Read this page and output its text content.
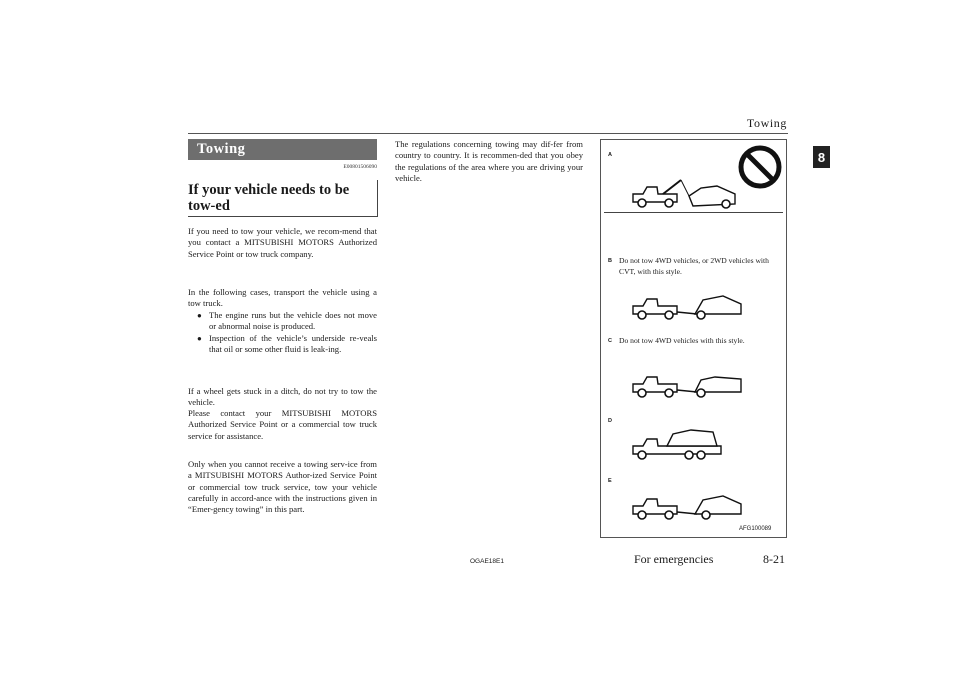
Towing
8
Towing
E00801506090
If your vehicle needs to be tow-ed
If you need to tow your vehicle, we recom-mend that you contact a MITSUBISHI MOTORS Authorized Service Point or tow truck company.
In the following cases, transport the vehicle using a tow truck.
● The engine runs but the vehicle does not move or abnormal noise is produced.
● Inspection of the vehicle’s underside re-veals that oil or some other fluid is leak-ing.
If a wheel gets stuck in a ditch, do not try to tow the vehicle.
Please contact your MITSUBISHI MOTORS Authorized Service Point or a commercial tow truck service for assistance.
Only when you cannot receive a towing serv-ice from a MITSUBISHI MOTORS Author-ized Service Point or commercial tow truck service, tow your vehicle carefully in accord-ance with the instructions given in “Emer-gency towing” in this part.
The regulations concerning towing may dif-fer from country to country. It is recommen-ded that you obey the regulations of the area where you are driving your vehicle.
A
B Do not tow 4WD vehicles, or 2WD vehicles with CVT, with this style.
C Do not tow 4WD vehicles with this style.
D
E
AFG100089
OGAE18E1	For emergencies	8-21
